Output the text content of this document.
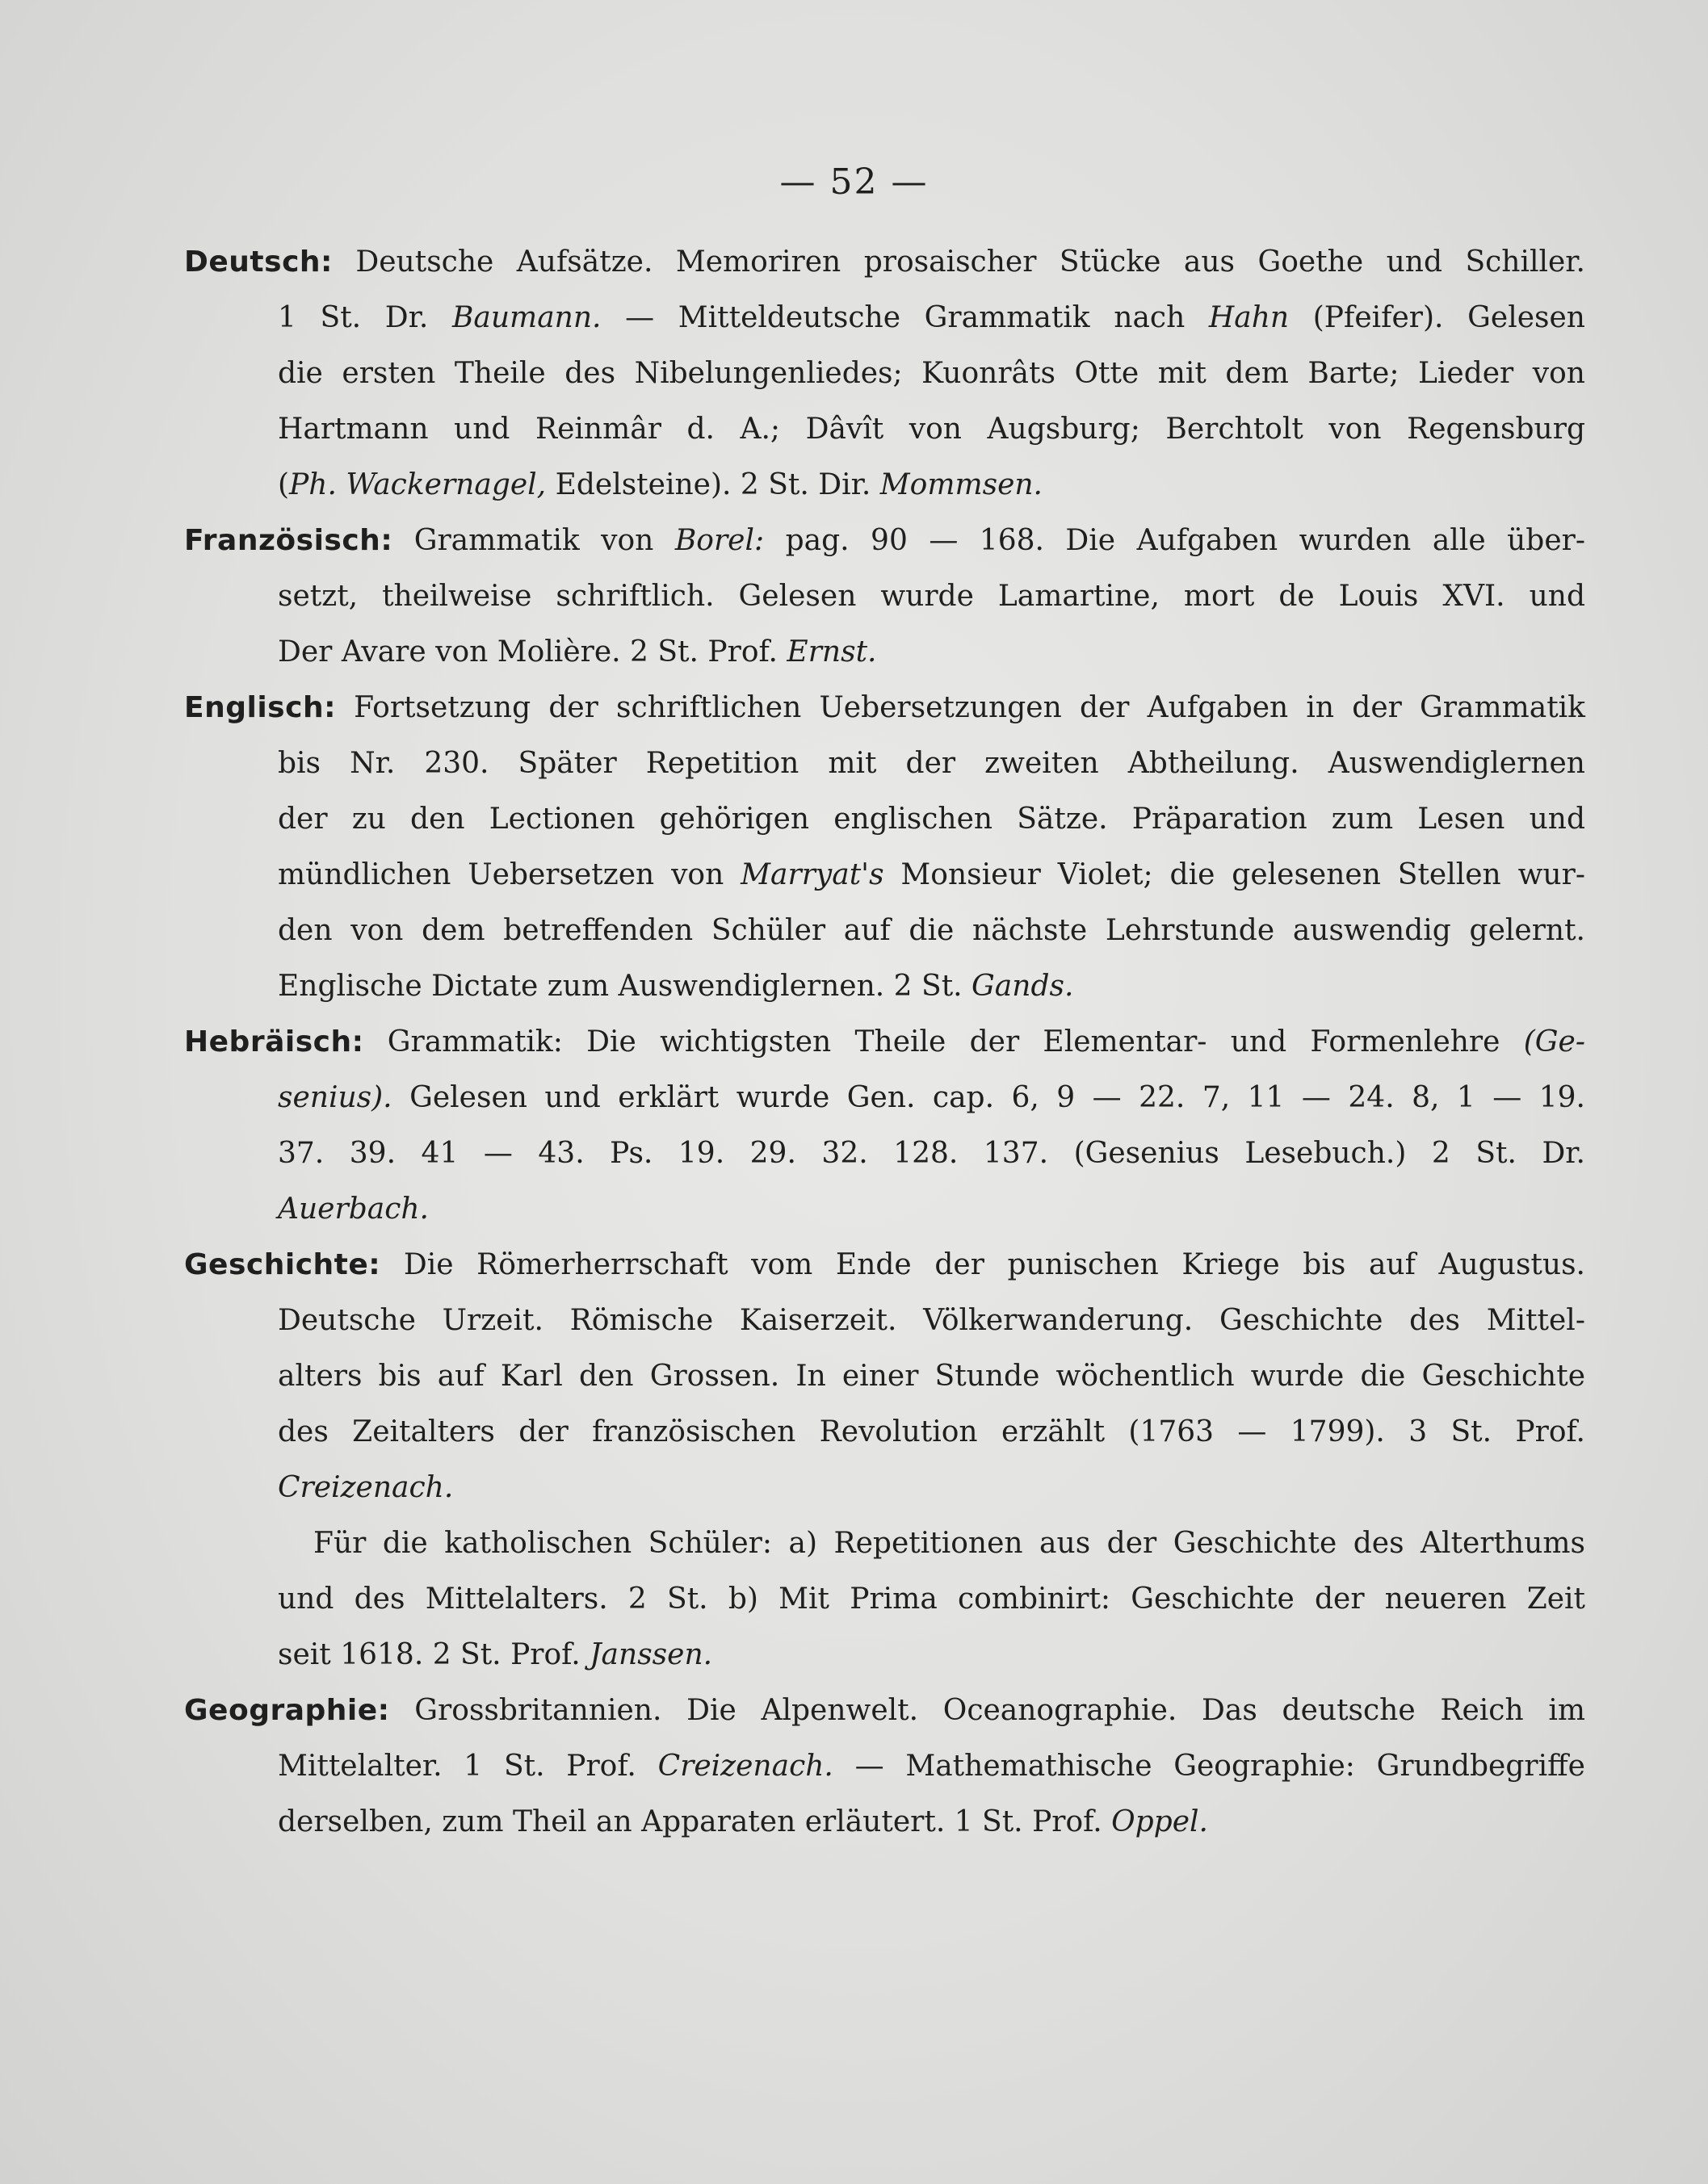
— 52 —
Deutsch: Deutsche Aufsätze. Memoriren prosaischer Stücke aus Goethe und Schiller.
1 St. Dr. Baumann. — Mitteldeutsche Grammatik nach Hahn (Pfeifer). Gelesen
die ersten Theile des Nibelungenliedes; Kuonrâts Otte mit dem Barte; Lieder von
Hartmann und Reinmâr d. A.; Dâvît von Augsburg; Berchtolt von Regensburg
(Ph. Wackernagel, Edelsteine). 2 St. Dir. Mommsen.
Französisch: Grammatik von Borel: pag. 90 — 168. Die Aufgaben wurden alle über-
setzt, theilweise schriftlich. Gelesen wurde Lamartine, mort de Louis XVI. und
Der Avare von Molière. 2 St. Prof. Ernst.
Englisch: Fortsetzung der schriftlichen Uebersetzungen der Aufgaben in der Grammatik
bis Nr. 230. Später Repetition mit der zweiten Abtheilung. Auswendiglernen
der zu den Lectionen gehörigen englischen Sätze. Präparation zum Lesen und
mündlichen Uebersetzen von Marryat's Monsieur Violet; die gelesenen Stellen wur-
den von dem betreffenden Schüler auf die nächste Lehrstunde auswendig gelernt.
Englische Dictate zum Auswendiglernen. 2 St. Gands.
Hebräisch: Grammatik: Die wichtigsten Theile der Elementar- und Formenlehre (Ge-
senius). Gelesen und erklärt wurde Gen. cap. 6, 9 — 22. 7, 11 — 24. 8, 1 — 19.
37. 39. 41 — 43. Ps. 19. 29. 32. 128. 137. (Gesenius Lesebuch.) 2 St. Dr.
Auerbach.
Geschichte: Die Römerherrschaft vom Ende der punischen Kriege bis auf Augustus.
Deutsche Urzeit. Römische Kaiserzeit. Völkerwanderung. Geschichte des Mittel-
alters bis auf Karl den Grossen. In einer Stunde wöchentlich wurde die Geschichte
des Zeitalters der französischen Revolution erzählt (1763 — 1799). 3 St. Prof.
Creizenach.
Für die katholischen Schüler: a) Repetitionen aus der Geschichte des Alterthums
und des Mittelalters. 2 St. b) Mit Prima combinirt: Geschichte der neueren Zeit
seit 1618. 2 St. Prof. Janssen.
Geographie: Grossbritannien. Die Alpenwelt. Oceanographie. Das deutsche Reich im
Mittelalter. 1 St. Prof. Creizenach. — Mathemathische Geographie: Grundbegriffe
derselben, zum Theil an Apparaten erläutert. 1 St. Prof. Oppel.
